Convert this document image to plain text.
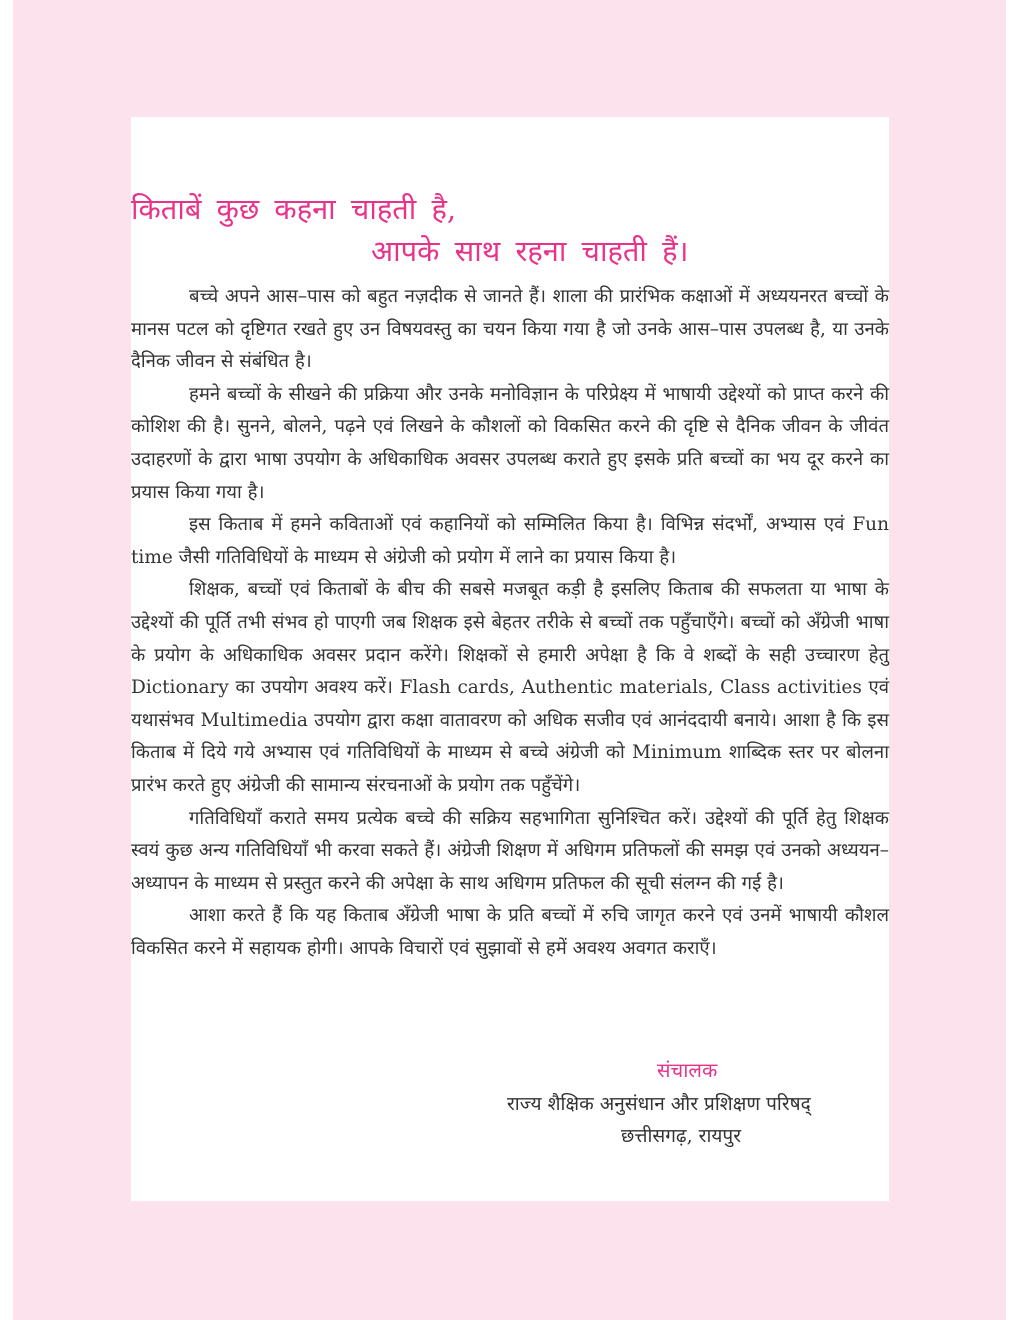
किताबें कुछ कहना चाहती है,
आपके साथ रहना चाहती हैं।

बच्चे अपने आस–पास को बहुत नज़दीक से जानते हैं। शाला की प्रारंभिक कक्षाओं में अध्ययनरत बच्चों के मानस पटल को दृष्टिगत रखते हुए उन विषयवस्तु का चयन किया गया है जो उनके आस–पास उपलब्ध है, या उनके दैनिक जीवन से संबंधित है।

हमने बच्चों के सीखने की प्रक्रिया और उनके मनोविज्ञान के परिप्रेक्ष्य में भाषायी उद्देश्यों को प्राप्त करने की कोशिश की है। सुनने, बोलने, पढ़ने एवं लिखने के कौशलों को विकसित करने की दृष्टि से दैनिक जीवन के जीवंत उदाहरणों के द्वारा भाषा उपयोग के अधिकाधिक अवसर उपलब्ध कराते हुए इसके प्रति बच्चों का भय दूर करने का प्रयास किया गया है।

इस किताब में हमने कविताओं एवं कहानियों को सम्मिलित किया है। विभिन्न संदर्भों, अभ्यास एवं Fun time जैसी गतिविधियों के माध्यम से अंग्रेजी को प्रयोग में लाने का प्रयास किया है।

शिक्षक, बच्चों एवं किताबों के बीच की सबसे मजबूत कड़ी है इसलिए किताब की सफलता या भाषा के उद्देश्यों की पूर्ति तभी संभव हो पाएगी जब शिक्षक इसे बेहतर तरीके से बच्चों तक पहुँचाएँगे। बच्चों को अँग्रेजी भाषा के प्रयोग के अधिकाधिक अवसर प्रदान करेंगे। शिक्षकों से हमारी अपेक्षा है कि वे शब्दों के सही उच्चारण हेतु Dictionary का उपयोग अवश्य करें। Flash cards, Authentic materials, Class activities एवं यथासंभव Multimedia उपयोग द्वारा कक्षा वातावरण को अधिक सजीव एवं आनंददायी बनाये। आशा है कि इस किताब में दिये गये अभ्यास एवं गतिविधियों के माध्यम से बच्चे अंग्रेजी को Minimum शाब्दिक स्तर पर बोलना प्रारंभ करते हुए अंग्रेजी की सामान्य संरचनाओं के प्रयोग तक पहुँचेंगे।

गतिविधियाँ कराते समय प्रत्येक बच्चे की सक्रिय सहभागिता सुनिश्चित करें। उद्देश्यों की पूर्ति हेतु शिक्षक स्वयं कुछ अन्य गतिविधियाँ भी करवा सकते हैं। अंग्रेजी शिक्षण में अधिगम प्रतिफलों की समझ एवं उनको अध्ययन–अध्यापन के माध्यम से प्रस्तुत करने की अपेक्षा के साथ अधिगम प्रतिफल की सूची संलग्न की गई है।

आशा करते हैं कि यह किताब अँग्रेजी भाषा के प्रति बच्चों में रुचि जागृत करने एवं उनमें भाषायी कौशल विकसित करने में सहायक होगी। आपके विचारों एवं सुझावों से हमें अवश्य अवगत कराएँ।

संचालक
राज्य शैक्षिक अनुसंधान और प्रशिक्षण परिषद्
छत्तीसगढ़, रायपुर
